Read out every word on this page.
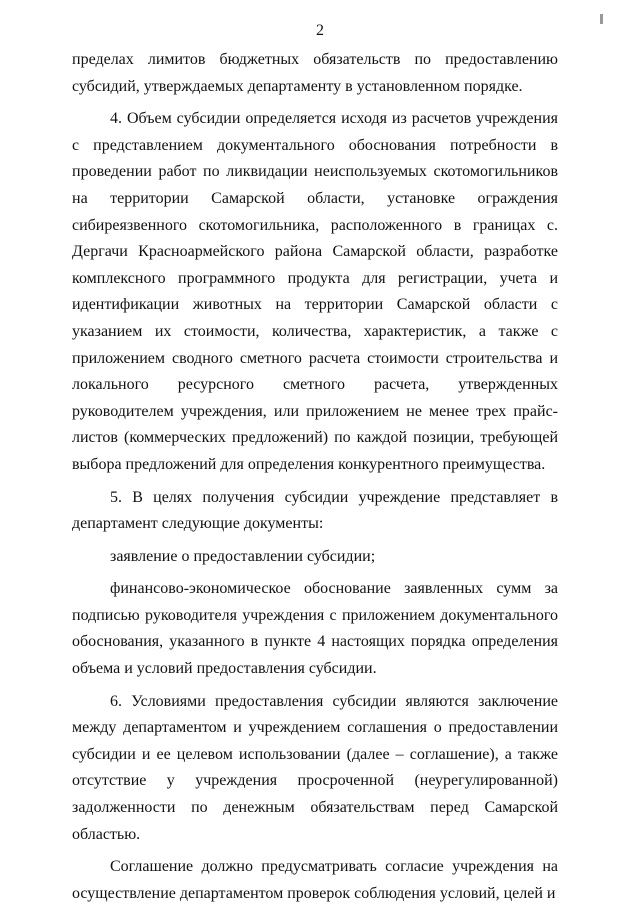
2

пределах лимитов бюджетных обязательств по предоставлению субсидий, утверждаемых департаменту в установленном порядке.

4. Объем субсидии определяется исходя из расчетов учреждения с представлением документального обоснования потребности в проведении работ по ликвидации неиспользуемых скотомогильников на территории Самарской области, установке ограждения сибиреязвенного скотомогильника, расположенного в границах с. Дергачи Красноармейского района Самарской области, разработке комплексного программного продукта для регистрации, учета и идентификации животных на территории Самарской области с указанием их стоимости, количества, характеристик, а также с приложением сводного сметного расчета стоимости строительства и локального ресурсного сметного расчета, утвержденных руководителем учреждения, или приложением не менее трех прайс-листов (коммерческих предложений) по каждой позиции, требующей выбора предложений для определения конкурентного преимущества.

5. В целях получения субсидии учреждение представляет в департамент следующие документы:

заявление о предоставлении субсидии;

финансово-экономическое обоснование заявленных сумм за подписью руководителя учреждения с приложением документального обоснования, указанного в пункте 4 настоящих порядка определения объема и условий предоставления субсидии.

6. Условиями предоставления субсидии являются заключение между департаментом и учреждением соглашения о предоставлении субсидии и ее целевом использовании (далее – соглашение), а также отсутствие у учреждения просроченной (неурегулированной) задолженности по денежным обязательствам перед Самарской областью.

Соглашение должно предусматривать согласие учреждения на осуществление департаментом проверок соблюдения условий, целей и
